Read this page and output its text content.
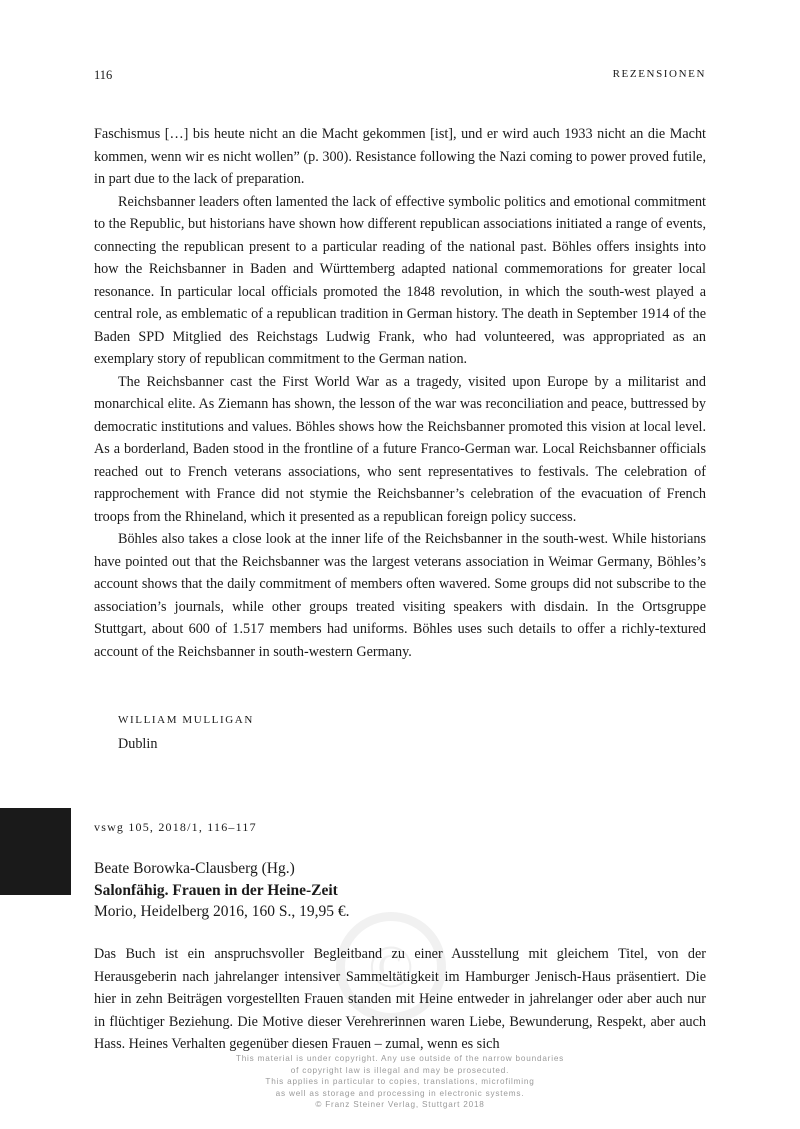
116	REZENSIONEN

Faschismus […] bis heute nicht an die Macht gekommen [ist], und er wird auch 1933 nicht an die Macht kommen, wenn wir es nicht wollen” (p. 300). Resistance following the Nazi coming to power proved futile, in part due to the lack of preparation.

Reichsbanner leaders often lamented the lack of effective symbolic politics and emotional commitment to the Republic, but historians have shown how different republican associations initiated a range of events, connecting the republican present to a particular reading of the national past. Böhles offers insights into how the Reichsbanner in Baden and Württemberg adapted national commemorations for greater local resonance. In particular local officials promoted the 1848 revolution, in which the south-west played a central role, as emblematic of a republican tradition in German history. The death in September 1914 of the Baden SPD Mitglied des Reichstags Ludwig Frank, who had volunteered, was appropriated as an exemplary story of republican commitment to the German nation.

The Reichsbanner cast the First World War as a tragedy, visited upon Europe by a militarist and monarchical elite. As Ziemann has shown, the lesson of the war was reconciliation and peace, buttressed by democratic institutions and values. Böhles shows how the Reichsbanner promoted this vision at local level. As a borderland, Baden stood in the frontline of a future Franco-German war. Local Reichsbanner officials reached out to French veterans associations, who sent representatives to festivals. The celebration of rapprochement with France did not stymie the Reichsbanner’s celebration of the evacuation of French troops from the Rhineland, which it presented as a republican foreign policy success.

Böhles also takes a close look at the inner life of the Reichsbanner in the south-west. While historians have pointed out that the Reichsbanner was the largest veterans association in Weimar Germany, Böhles’s account shows that the daily commitment of members often wavered. Some groups did not subscribe to the association’s journals, while other groups treated visiting speakers with disdain. In the Ortsgruppe Stuttgart, about 600 of 1.517 members had uniforms. Böhles uses such details to offer a richly-textured account of the Reichsbanner in south-western Germany.

WILLIAM MULLIGAN
Dublin
vswg 105, 2018/1, 116–117
Beate Borowka-Clausberg (Hg.)
Salonfähig. Frauen in der Heine-Zeit
Morio, Heidelberg 2016, 160 S., 19,95 €.
©

Das Buch ist ein anspruchsvoller Begleitband zu einer Ausstellung mit gleichem Titel, von der Herausgeberin nach jahrelanger intensiver Sammeltätigkeit im Hamburger Jenisch-Haus präsentiert. Die hier in zehn Beiträgen vorgestellten Frauen standen mit Heine entweder in jahrelanger oder aber auch nur in flüchtiger Beziehung. Die Motive dieser Verehrerinnen waren Liebe, Bewunderung, Respekt, aber auch Hass. Heines Verhalten gegenüber diesen Frauen – zumal, wenn es sich

This material is under copyright. Any use outside of the narrow boundaries
of copyright law is illegal and may be prosecuted.
This applies in particular to copies, translations, microfilming
as well as storage and processing in electronic systems.
© Franz Steiner Verlag, Stuttgart 2018
